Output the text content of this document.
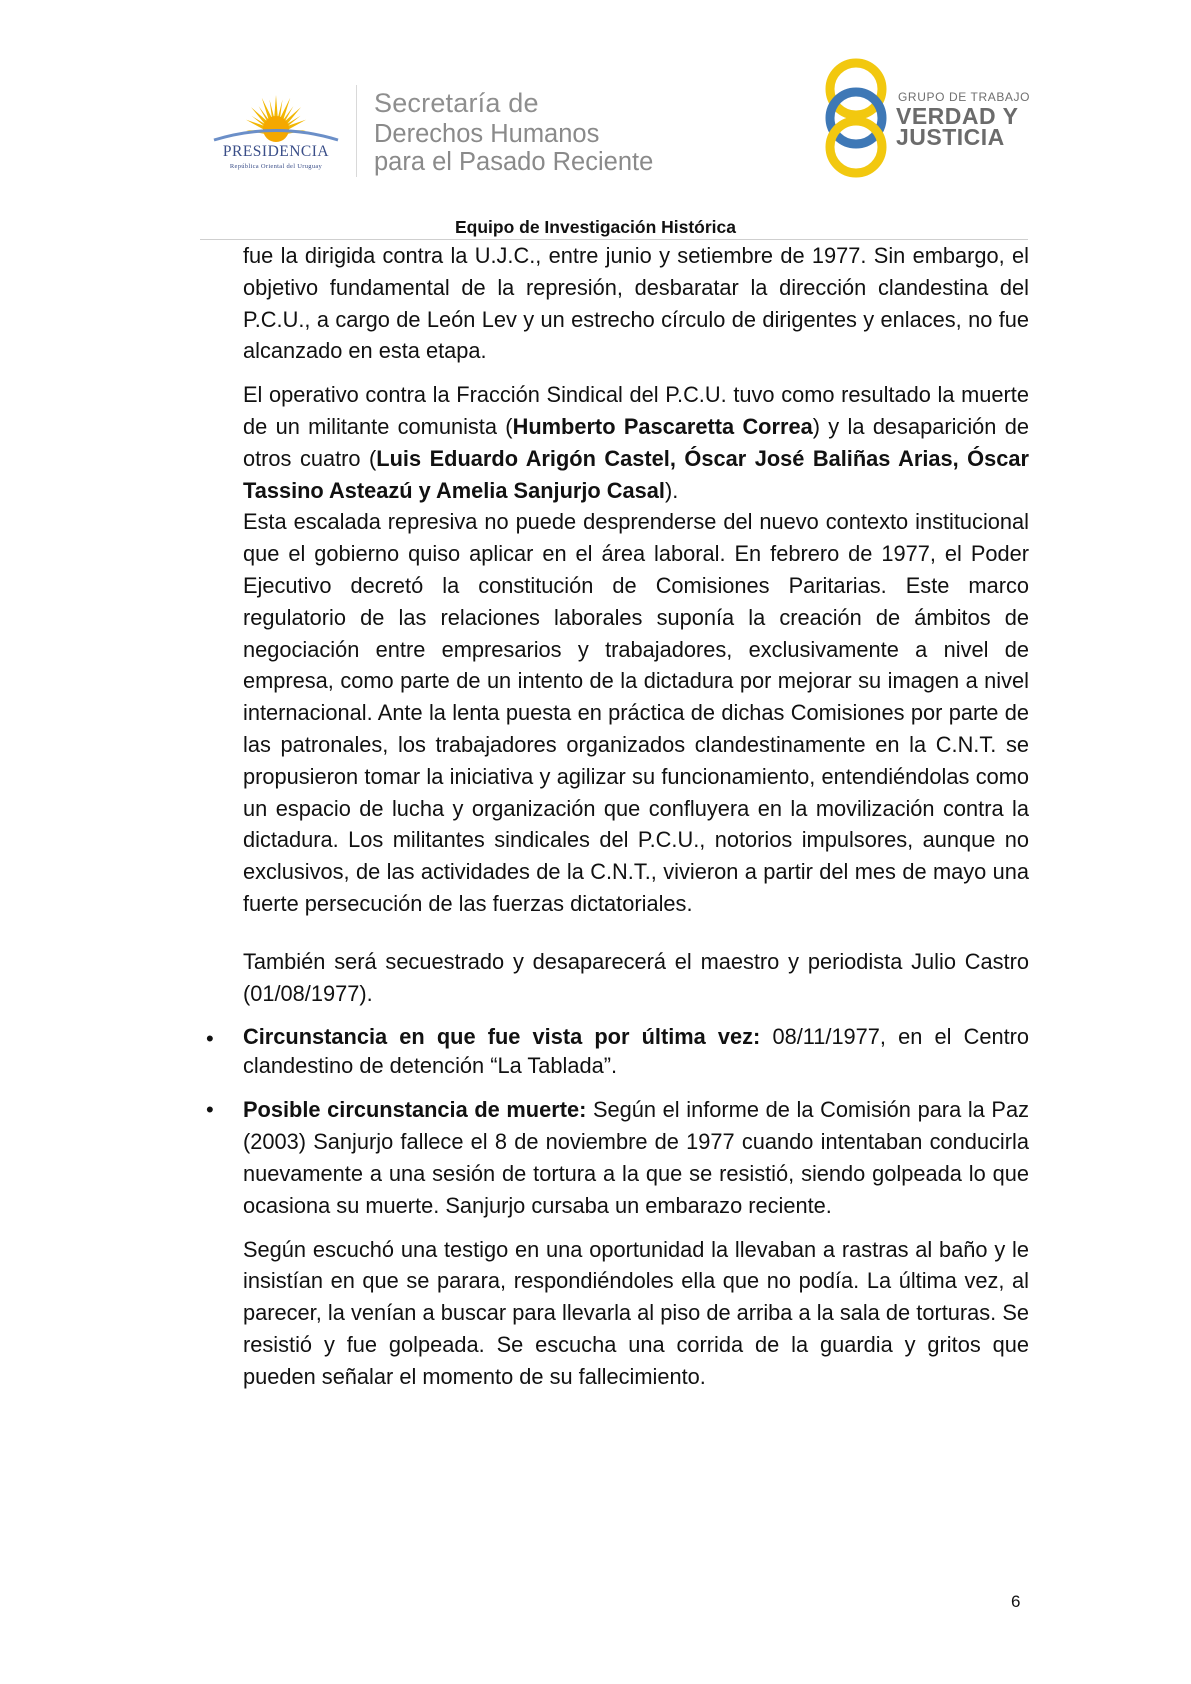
PRESIDENCIA
República Oriental del Uruguay
Secretaría de
Derechos Humanos
para el Pasado Reciente
GRUPO DE TRABAJO
VERDAD Y
JUSTICIA
Equipo de Investigación Histórica

fue la dirigida contra la U.J.C., entre junio y setiembre de 1977. Sin embargo, el objetivo fundamental de la represión, desbaratar la dirección clandestina del P.C.U., a cargo de León Lev y un estrecho círculo de dirigentes y enlaces, no fue alcanzado en esta etapa.

El operativo contra la Fracción Sindical del P.C.U. tuvo como resultado la muerte de un militante comunista (Humberto Pascaretta Correa) y la desaparición de otros cuatro (Luis Eduardo Arigón Castel, Óscar José Baliñas Arias, Óscar Tassino Asteazú y Amelia Sanjurjo Casal).

Esta escalada represiva no puede desprenderse del nuevo contexto institucional que el gobierno quiso aplicar en el área laboral. En febrero de 1977, el Poder Ejecutivo decretó la constitución de Comisiones Paritarias. Este marco regulatorio de las relaciones laborales suponía la creación de ámbitos de negociación entre empresarios y trabajadores, exclusivamente a nivel de empresa, como parte de un intento de la dictadura por mejorar su imagen a nivel internacional. Ante la lenta puesta en práctica de dichas Comisiones por parte de las patronales, los trabajadores organizados clandestinamente en la C.N.T. se propusieron tomar la iniciativa y agilizar su funcionamiento, entendiéndolas como un espacio de lucha y organización que confluyera en la movilización contra la dictadura. Los militantes sindicales del P.C.U., notorios impulsores, aunque no exclusivos, de las actividades de la C.N.T., vivieron a partir del mes de mayo una fuerte persecución de las fuerzas dictatoriales.

También será secuestrado y desaparecerá el maestro y periodista Julio Castro (01/08/1977).

• Circunstancia en que fue vista por última vez: 08/11/1977, en el Centro clandestino de detención “La Tablada”.

• Posible circunstancia de muerte: Según el informe de la Comisión para la Paz (2003) Sanjurjo fallece el 8 de noviembre de 1977 cuando intentaban conducirla nuevamente a una sesión de tortura a la que se resistió, siendo golpeada lo que ocasiona su muerte. Sanjurjo cursaba un embarazo reciente.

Según escuchó una testigo en una oportunidad la llevaban a rastras al baño y le insistían en que se parara, respondiéndoles ella que no podía. La última vez, al parecer, la venían a buscar para llevarla al piso de arriba a la sala de torturas. Se resistió y fue golpeada. Se escucha una corrida de la guardia y gritos que pueden señalar el momento de su fallecimiento.

6
